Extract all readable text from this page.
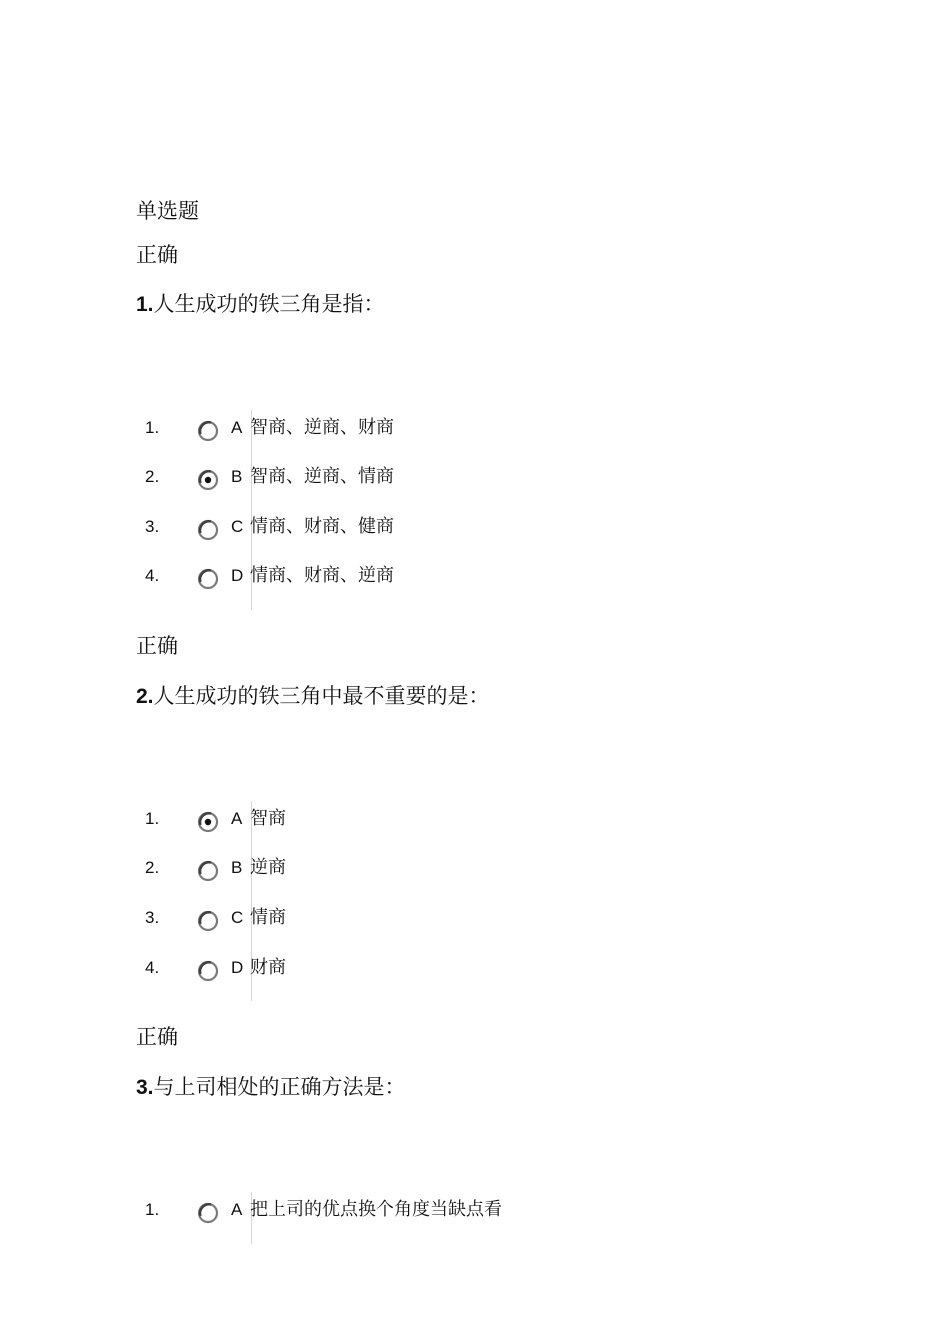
单选题
正确
1.人生成功的铁三角是指：
1.	A 智商、逆商、财商
2.	B 智商、逆商、情商
3.	C 情商、财商、健商
4.	D 情商、财商、逆商
正确
2.人生成功的铁三角中最不重要的是：
1.	A 智商
2.	B 逆商
3.	C 情商
4.	D 财商
正确
3.与上司相处的正确方法是：
1.	A 把上司的优点换个角度当缺点看
